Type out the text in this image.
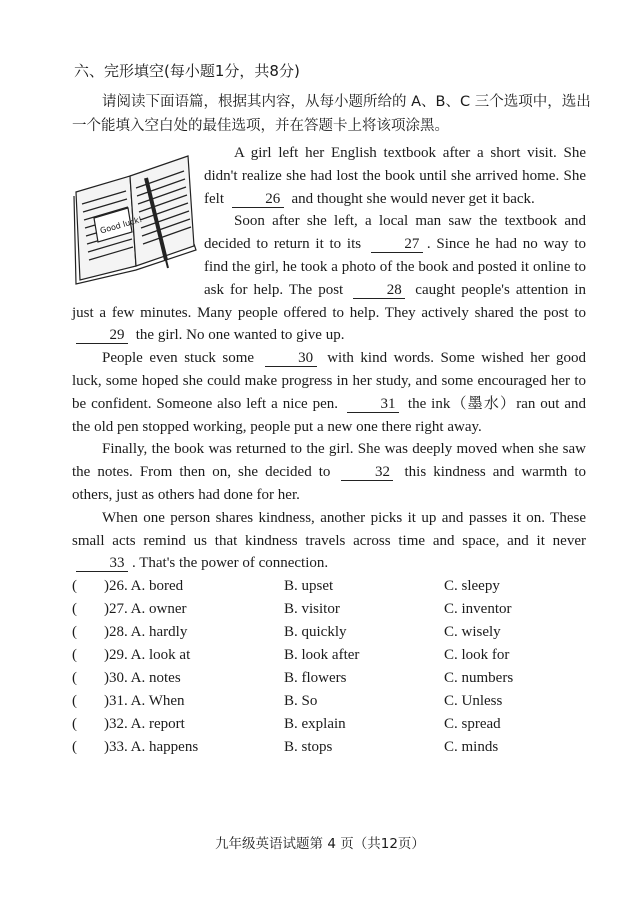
六、完形填空(每小题1分，共8分)
请阅读下面语篇，根据其内容，从每小题所给的 A、B、C 三个选项中，选出一个能填入空白处的最佳选项，并在答题卡上将该项涂黑。
Good luck!

A girl left her English textbook after a short visit. She didn't realize she had lost the book until she arrived home. She felt	26 and thought she would never get it back.

Soon after she left, a local man saw the textbook and decided to return it to its	27 . Since he had no way to find the girl, he took a photo of the book and posted it online to ask for help. The post	28 caught people's attention in just a few minutes. Many people offered to help. They actively shared the post to 29 the girl. No one wanted to give up.

People even stuck some	30 with kind words. Some wished her good luck, some hoped she could make progress in her study, and some encouraged her to be confident. Someone also left a nice pen.	31 the ink（墨水）ran out and the old pen stopped working, people put a new one there right away.

Finally, the book was returned to the girl. She was deeply moved when she saw the notes. From then on, she decided to	32 this kindness and warmth to others, just as others had done for her.

When one person shares kindness, another picks it up and passes it on. These small acts remind us that kindness travels across time and space, and it never 33 . That's the power of connection.

( )26. A. bored	B. upset	C. sleepy
( )27. A. owner	B. visitor	C. inventor
( )28. A. hardly	B. quickly	C. wisely
( )29. A. look at	B. look after	C. look for
( )30. A. notes	B. flowers	C. numbers
( )31. A. When	B. So	C. Unless
( )32. A. report	B. explain	C. spread
( )33. A. happens	B. stops	C. minds
九年级英语试题第 4 页（共12页）
